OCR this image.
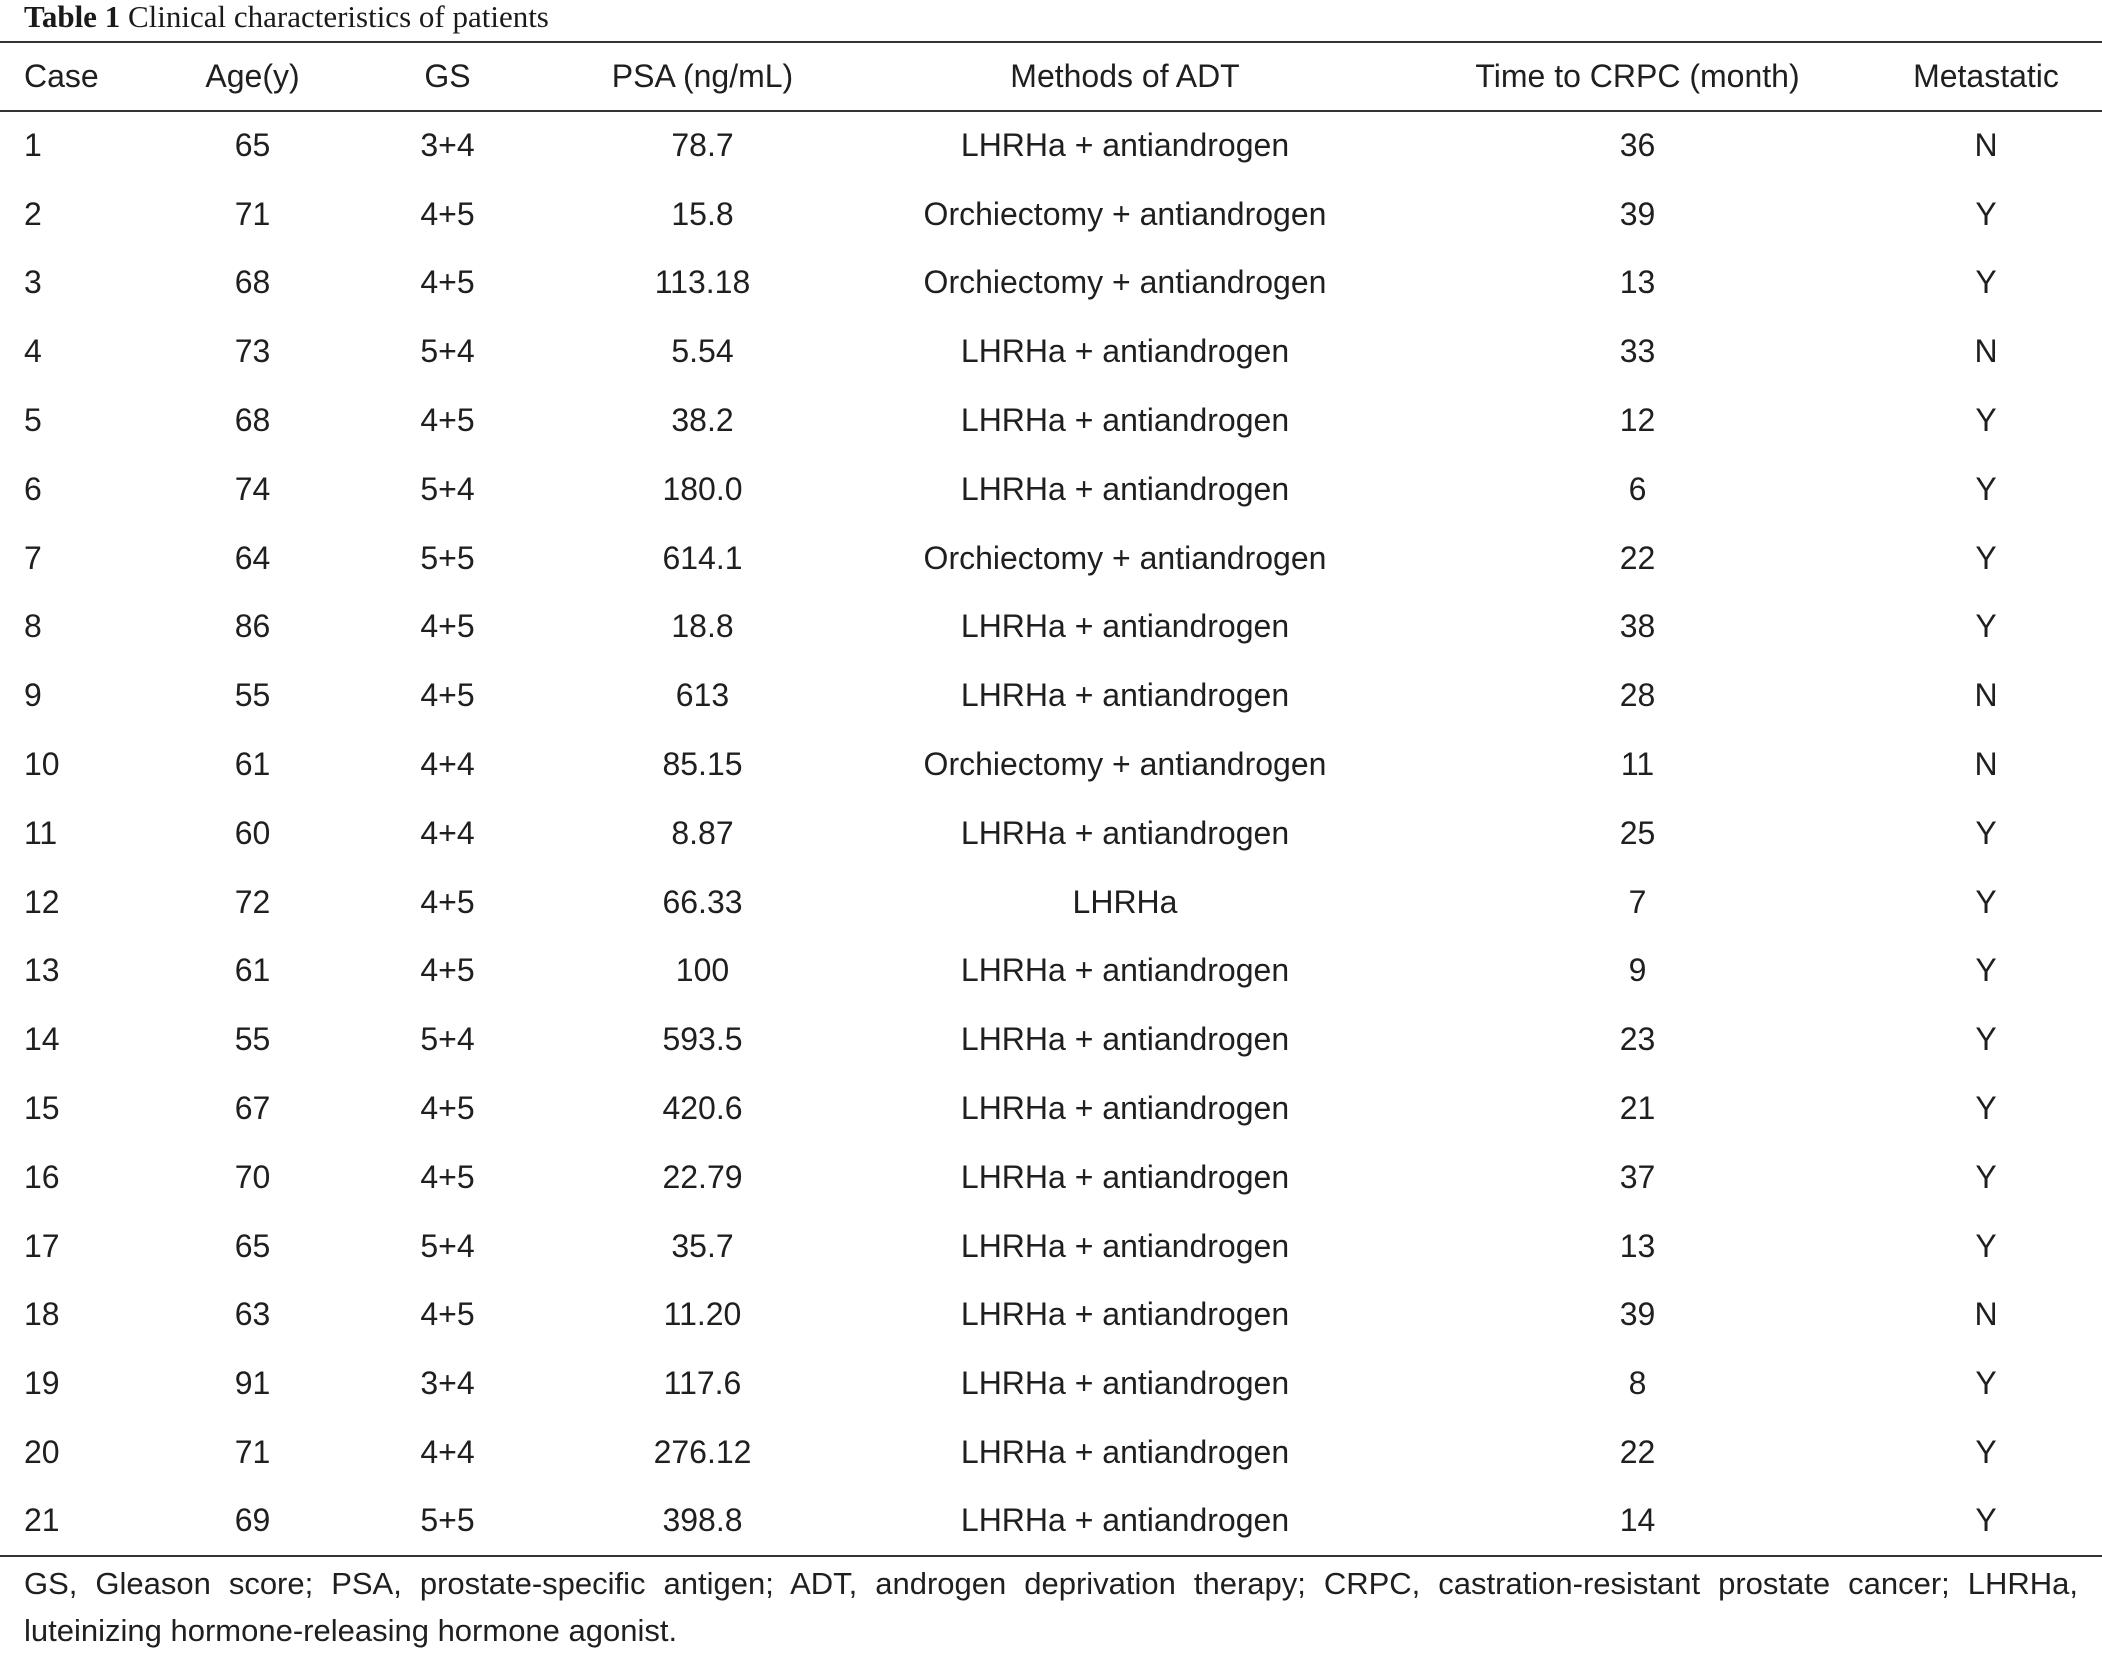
Table 1 Clinical characteristics of patients
Case	Age(y)	GS	PSA (ng/mL)	Methods of ADT	Time to CRPC (month)	Metastatic
1	65	3+4	78.7	LHRHa + antiandrogen	36	N
2	71	4+5	15.8	Orchiectomy + antiandrogen	39	Y
3	68	4+5	113.18	Orchiectomy + antiandrogen	13	Y
4	73	5+4	5.54	LHRHa + antiandrogen	33	N
5	68	4+5	38.2	LHRHa + antiandrogen	12	Y
6	74	5+4	180.0	LHRHa + antiandrogen	6	Y
7	64	5+5	614.1	Orchiectomy + antiandrogen	22	Y
8	86	4+5	18.8	LHRHa + antiandrogen	38	Y
9	55	4+5	613	LHRHa + antiandrogen	28	N
10	61	4+4	85.15	Orchiectomy + antiandrogen	11	N
11	60	4+4	8.87	LHRHa + antiandrogen	25	Y
12	72	4+5	66.33	LHRHa	7	Y
13	61	4+5	100	LHRHa + antiandrogen	9	Y
14	55	5+4	593.5	LHRHa + antiandrogen	23	Y
15	67	4+5	420.6	LHRHa + antiandrogen	21	Y
16	70	4+5	22.79	LHRHa + antiandrogen	37	Y
17	65	5+4	35.7	LHRHa + antiandrogen	13	Y
18	63	4+5	11.20	LHRHa + antiandrogen	39	N
19	91	3+4	117.6	LHRHa + antiandrogen	8	Y
20	71	4+4	276.12	LHRHa + antiandrogen	22	Y
21	69	5+5	398.8	LHRHa + antiandrogen	14	Y
GS, Gleason score; PSA, prostate-specific antigen; ADT, androgen deprivation therapy; CRPC, castration-resistant prostate cancer; LHRHa, luteinizing hormone-releasing hormone agonist.
